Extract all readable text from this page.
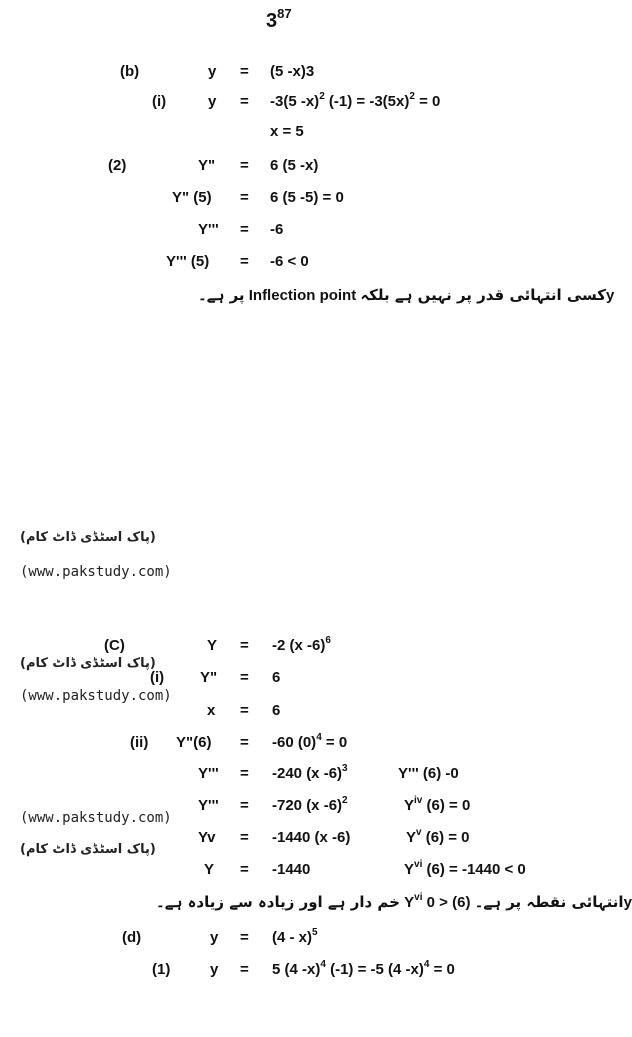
$3^{87}$
(b)	y = (5 -x)3
(i)	y = -3(5 -x)$^2$ $(-1) = -3(5x)^2 = 0$
x = 5
(2)	Y" = 6 (5 -x)
Y" (5) = 6 (5 -5) = 0
Y''' = -6
Y''' (5) = -6 < 0
پر ہے۔ Inflection point کسی انتہائی قدر پر نہیں ہے بلکہy
(پاک اسٹڈی ڈاٹ کام)
(www.pakstudy.com)
(C)	Y = -2 (x -6)$^6$
(پاک اسٹڈی ڈاٹ کام)
(i) Y" = 6
(www.pakstudy.com)
x = 6
(ii) Y"(6) = -60 $(0)^4 = 0$
Y''' = -240 (x -6)$^3$	Y''' (6) -0
Y''' = -720 (x -6)$^2$	$Y^{iv}$ (6) = 0
(www.pakstudy.com)
Yv = -1440 (x -6)	$Y^v$ (6) = 0
(پاک اسٹڈی ڈاٹ کام)
Y = -1440	$Y^{vi}$ (6) = -1440 < 0
خم دار ہے اور زیادہ سے زیادہ ہے۔ $Y^{vi}$ 0 > (6) انتہائی نقطہ پر ہے۔y
(d)	y = (4 - x)$^5$
(1)	y = 5 (4 -x)$^4$ (-1) = -5 (4 -x)$^4$ = 0
